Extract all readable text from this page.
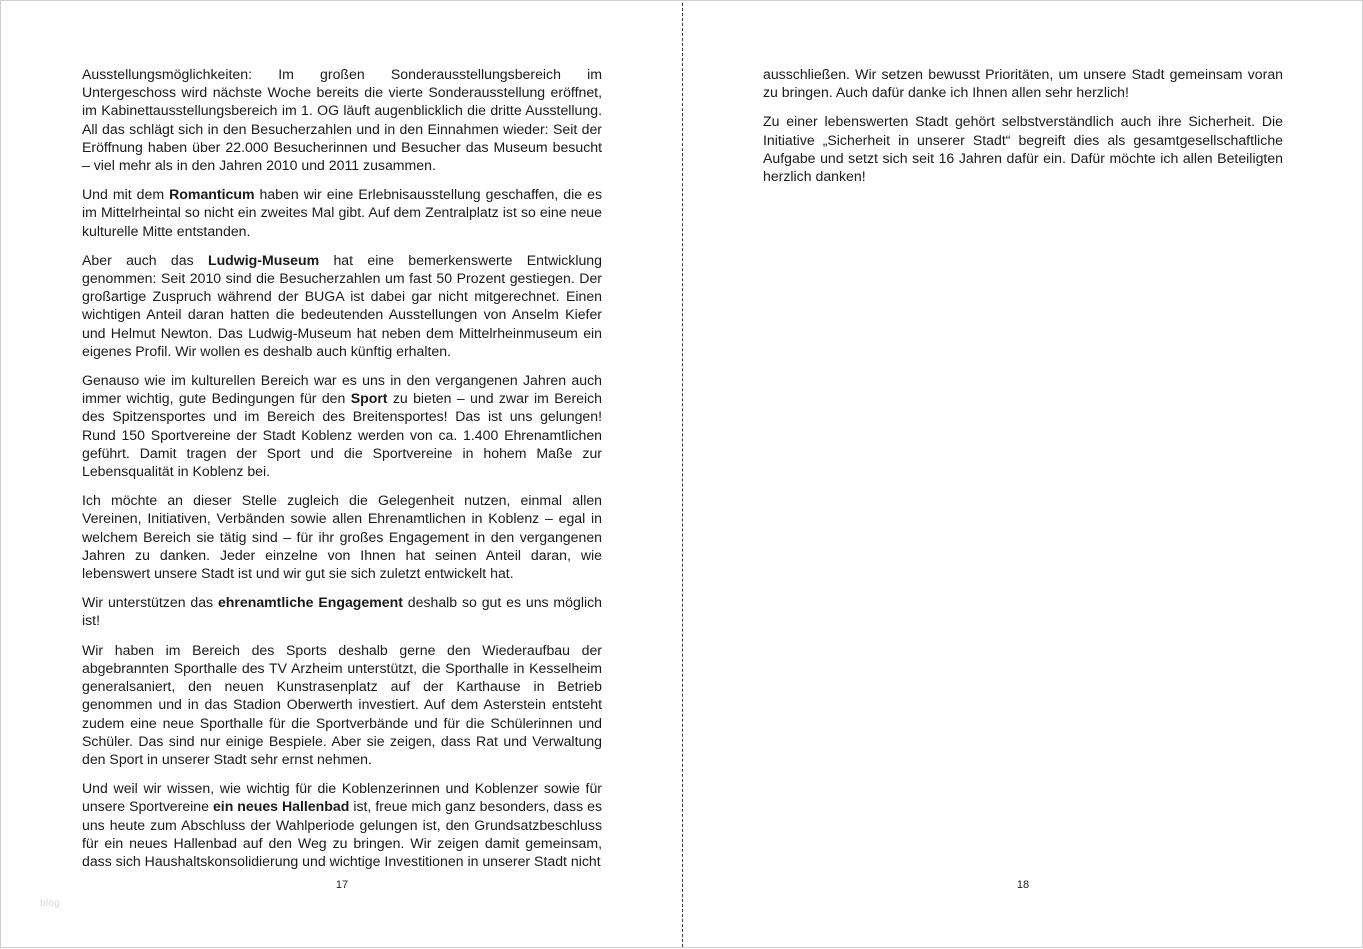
Ausstellungsmöglichkeiten: Im großen Sonderausstellungsbereich im Untergeschoss wird nächste Woche bereits die vierte Sonderausstellung eröffnet, im Kabinettausstellungsbereich im 1. OG läuft augenblicklich die dritte Ausstellung. All das schlägt sich in den Besucherzahlen und in den Einnahmen wieder: Seit der Eröffnung haben über 22.000 Besucherinnen und Besucher das Museum besucht – viel mehr als in den Jahren 2010 und 2011 zusammen.

Und mit dem Romanticum haben wir eine Erlebnisausstellung geschaffen, die es im Mittelrheintal so nicht ein zweites Mal gibt. Auf dem Zentralplatz ist so eine neue kulturelle Mitte entstanden.

Aber auch das Ludwig-Museum hat eine bemerkenswerte Entwicklung genommen: Seit 2010 sind die Besucherzahlen um fast 50 Prozent gestiegen. Der großartige Zuspruch während der BUGA ist dabei gar nicht mitgerechnet. Einen wichtigen Anteil daran hatten die bedeutenden Ausstellungen von Anselm Kiefer und Helmut Newton. Das Ludwig-Museum hat neben dem Mittelrheinmuseum ein eigenes Profil. Wir wollen es deshalb auch künftig erhalten.

Genauso wie im kulturellen Bereich war es uns in den vergangenen Jahren auch immer wichtig, gute Bedingungen für den Sport zu bieten – und zwar im Bereich des Spitzensportes und im Bereich des Breitensportes! Das ist uns gelungen! Rund 150 Sportvereine der Stadt Koblenz werden von ca. 1.400 Ehrenamtlichen geführt. Damit tragen der Sport und die Sportvereine in hohem Maße zur Lebensqualität in Koblenz bei.

Ich möchte an dieser Stelle zugleich die Gelegenheit nutzen, einmal allen Vereinen, Initiativen, Verbänden sowie allen Ehrenamtlichen in Koblenz – egal in welchem Bereich sie tätig sind – für ihr großes Engagement in den vergangenen Jahren zu danken. Jeder einzelne von Ihnen hat seinen Anteil daran, wie lebenswert unsere Stadt ist und wir gut sie sich zuletzt entwickelt hat.

Wir unterstützen das ehrenamtliche Engagement deshalb so gut es uns möglich ist!

Wir haben im Bereich des Sports deshalb gerne den Wiederaufbau der abgebrannten Sporthalle des TV Arzheim unterstützt, die Sporthalle in Kesselheim generalsaniert, den neuen Kunstrasenplatz auf der Karthause in Betrieb genommen und in das Stadion Oberwerth investiert. Auf dem Asterstein entsteht zudem eine neue Sporthalle für die Sportverbände und für die Schülerinnen und Schüler. Das sind nur einige Bespiele. Aber sie zeigen, dass Rat und Verwaltung den Sport in unserer Stadt sehr ernst nehmen.

Und weil wir wissen, wie wichtig für die Koblenzerinnen und Koblenzer sowie für unsere Sportvereine ein neues Hallenbad ist, freue mich ganz besonders, dass es uns heute zum Abschluss der Wahlperiode gelungen ist, den Grundsatzbeschluss für ein neues Hallenbad auf den Weg zu bringen. Wir zeigen damit gemeinsam, dass sich Haushaltskonsolidierung und wichtige Investitionen in unserer Stadt nicht

17
blog

ausschließen. Wir setzen bewusst Prioritäten, um unsere Stadt gemeinsam voran zu bringen. Auch dafür danke ich Ihnen allen sehr herzlich!

Zu einer lebenswerten Stadt gehört selbstverständlich auch ihre Sicherheit. Die Initiative „Sicherheit in unserer Stadt“ begreift dies als gesamtgesellschaftliche Aufgabe und setzt sich seit 16 Jahren dafür ein. Dafür möchte ich allen Beteiligten herzlich danken!

18
